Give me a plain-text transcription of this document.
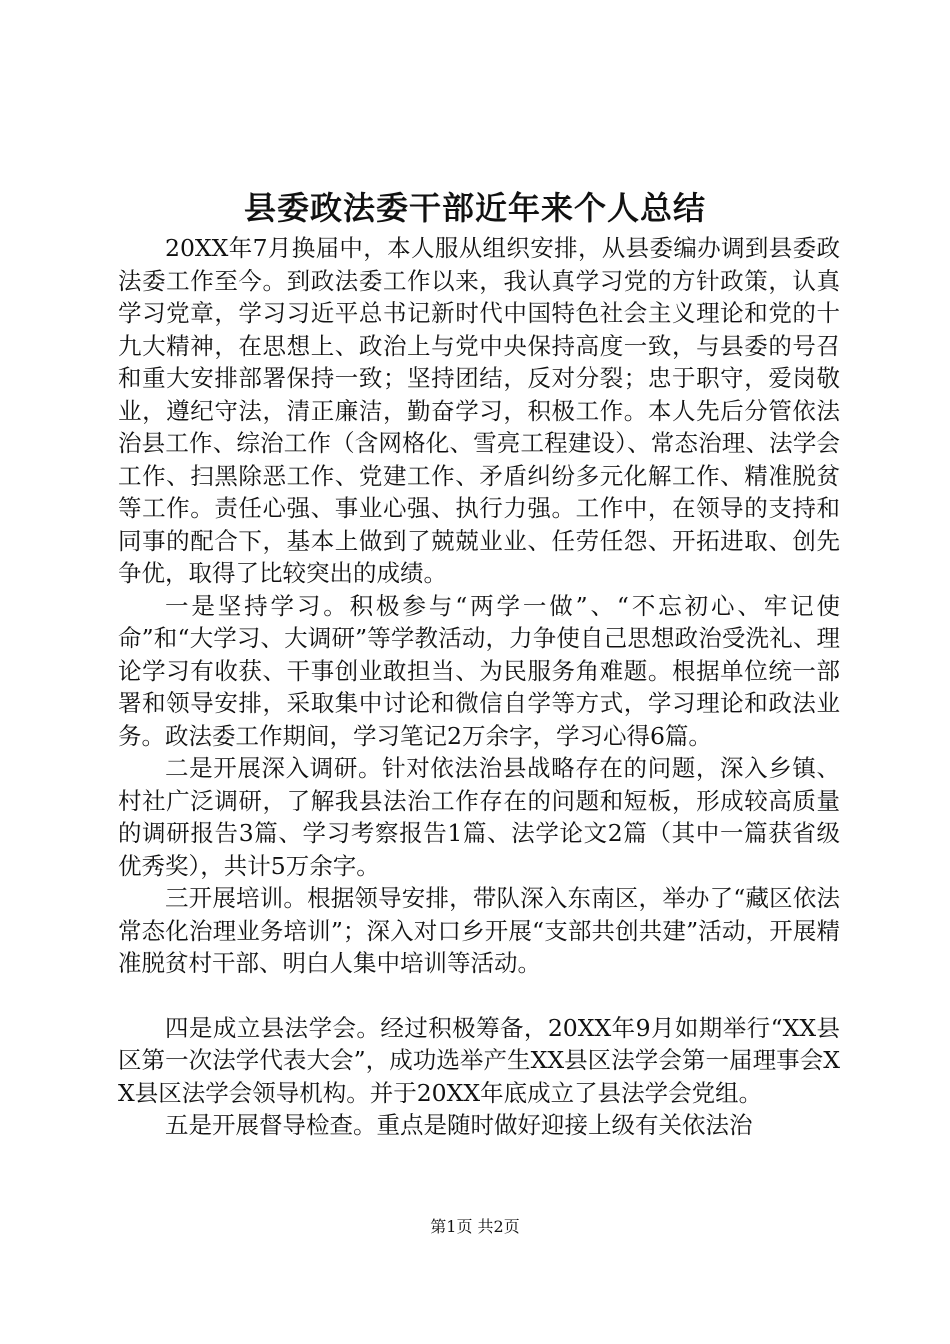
县委政法委干部近年来个人总结

20XX年7月换届中，本人服从组织安排，从县委编办调到县委政法委工作至今。到政法委工作以来，我认真学习党的方针政策，认真学习党章，学习习近平总书记新时代中国特色社会主义理论和党的十九大精神，在思想上、政治上与党中央保持高度一致，与县委的号召和重大安排部署保持一致；坚持团结，反对分裂；忠于职守，爱岗敬业，遵纪守法，清正廉洁，勤奋学习，积极工作。本人先后分管依法治县工作、综治工作（含网格化、雪亮工程建设）、常态治理、法学会工作、扫黑除恶工作、党建工作、矛盾纠纷多元化解工作、精准脱贫等工作。责任心强、事业心强、执行力强。工作中，在领导的支持和同事的配合下，基本上做到了兢兢业业、任劳任怨、开拓进取、创先争优，取得了比较突出的成绩。

一是坚持学习。积极参与“两学一做”、“不忘初心、牢记使命”和“大学习、大调研”等学教活动，力争使自己思想政治受洗礼、理论学习有收获、干事创业敢担当、为民服务角难题。根据单位统一部署和领导安排，采取集中讨论和微信自学等方式，学习理论和政法业务。政法委工作期间，学习笔记2万余字，学习心得6篇。

二是开展深入调研。针对依法治县战略存在的问题，深入乡镇、村社广泛调研，了解我县法治工作存在的问题和短板，形成较高质量的调研报告3篇、学习考察报告1篇、法学论文2篇（其中一篇获省级优秀奖），共计5万余字。

三开展培训。根据领导安排，带队深入东南区，举办了“藏区依法常态化治理业务培训”；深入对口乡开展“支部共创共建”活动，开展精准脱贫村干部、明白人集中培训等活动。

四是成立县法学会。经过积极筹备，20XX年9月如期举行“XX县区第一次法学代表大会”，成功选举产生XX县区法学会第一届理事会XX县区法学会领导机构。并于20XX年底成立了县法学会党组。

五是开展督导检查。重点是随时做好迎接上级有关依法治

第1页 共2页
